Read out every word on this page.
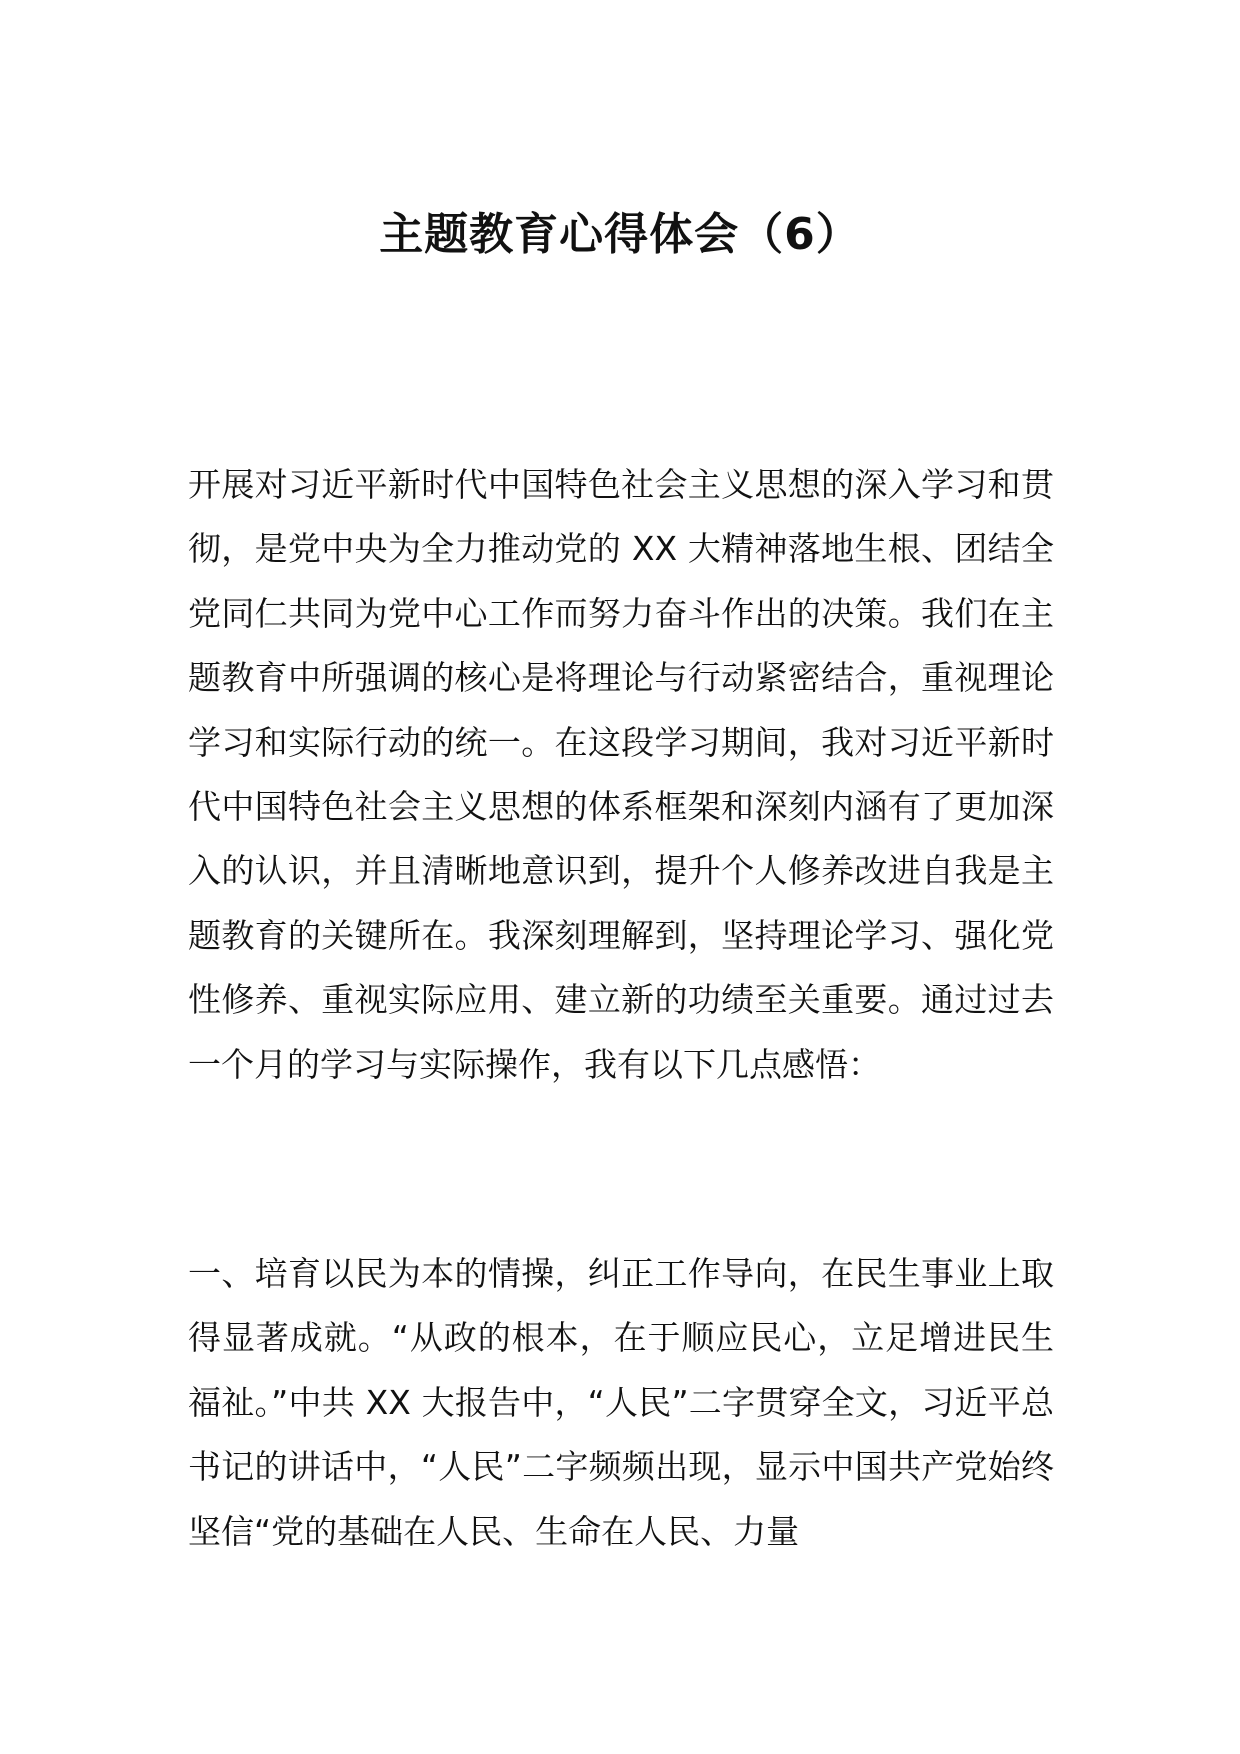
主题教育心得体会（6）

开展对习近平新时代中国特色社会主义思想的深入学习和贯彻，是党中央为全力推动党的 XX 大精神落地生根、团结全党同仁共同为党中心工作而努力奋斗作出的决策。我们在主题教育中所强调的核心是将理论与行动紧密结合，重视理论学习和实际行动的统一。在这段学习期间，我对习近平新时代中国特色社会主义思想的体系框架和深刻内涵有了更加深入的认识，并且清晰地意识到，提升个人修养改进自我是主题教育的关键所在。我深刻理解到，坚持理论学习、强化党性修养、重视实际应用、建立新的功绩至关重要。通过过去一个月的学习与实际操作，我有以下几点感悟：

一、培育以民为本的情操，纠正工作导向，在民生事业上取得显著成就。“从政的根本，在于顺应民心，立足增进民生福祉。”中共 XX 大报告中，“人民”二字贯穿全文，习近平总书记的讲话中，“人民”二字频频出现，显示中国共产党始终坚信“党的基础在人民、生命在人民、力量
